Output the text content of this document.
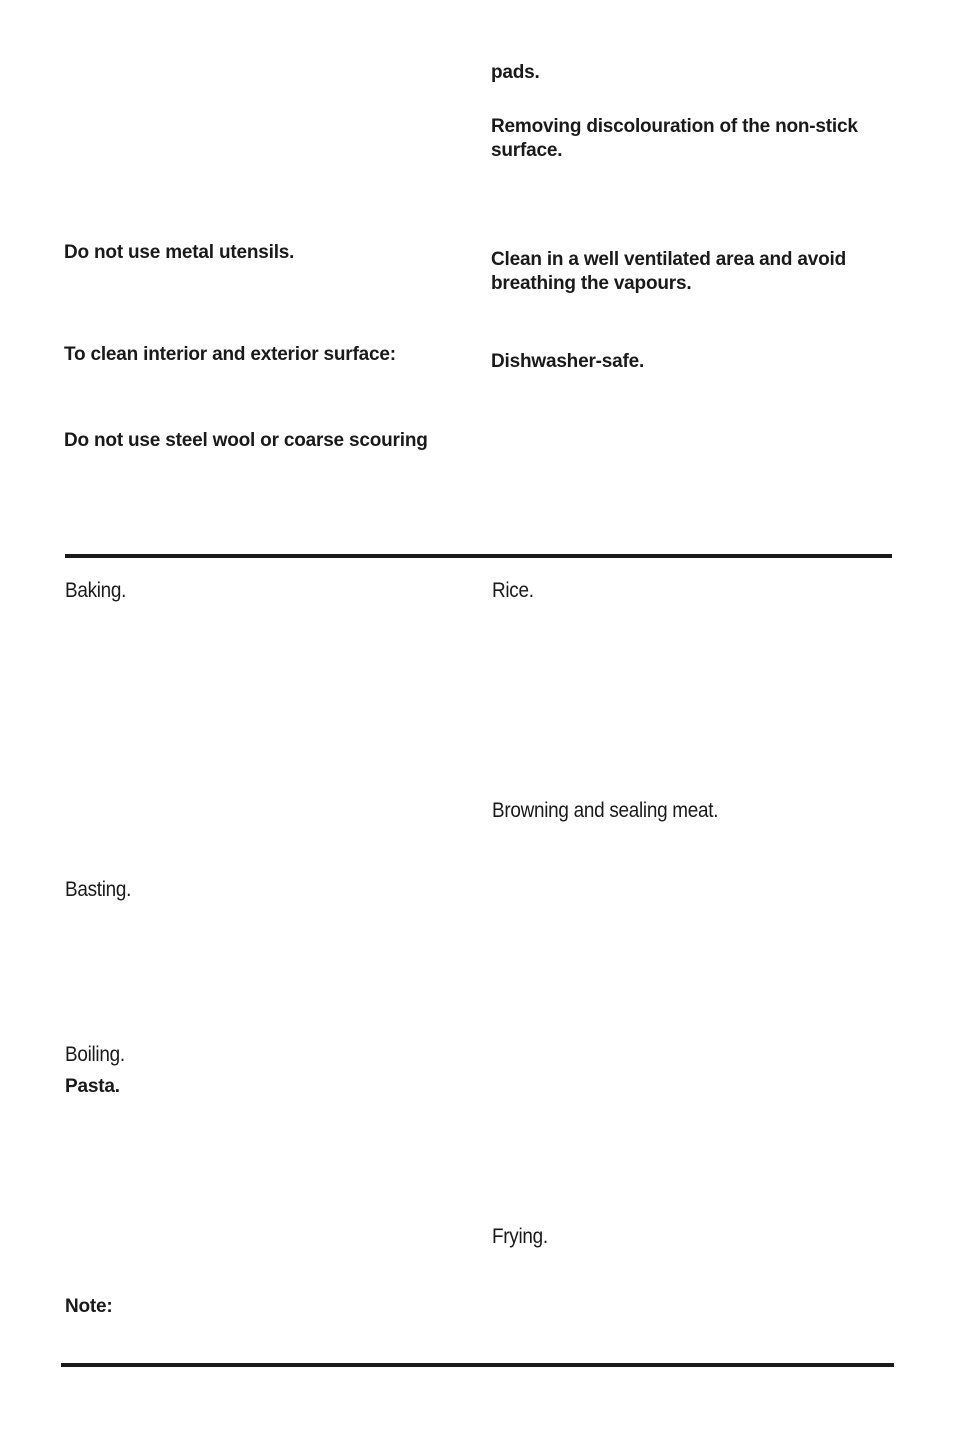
Do not use metal utensils.

To clean interior and exterior surface:

Do not use steel wool or coarse scouring

pads.

Removing discolouration of the non-stick surface.

Clean in a well ventilated area and avoid breathing the vapours.

Dishwasher-safe.

Baking.

Basting.

Boiling.

Pasta.

Note:

Rice.

Browning and sealing meat.

Frying.
